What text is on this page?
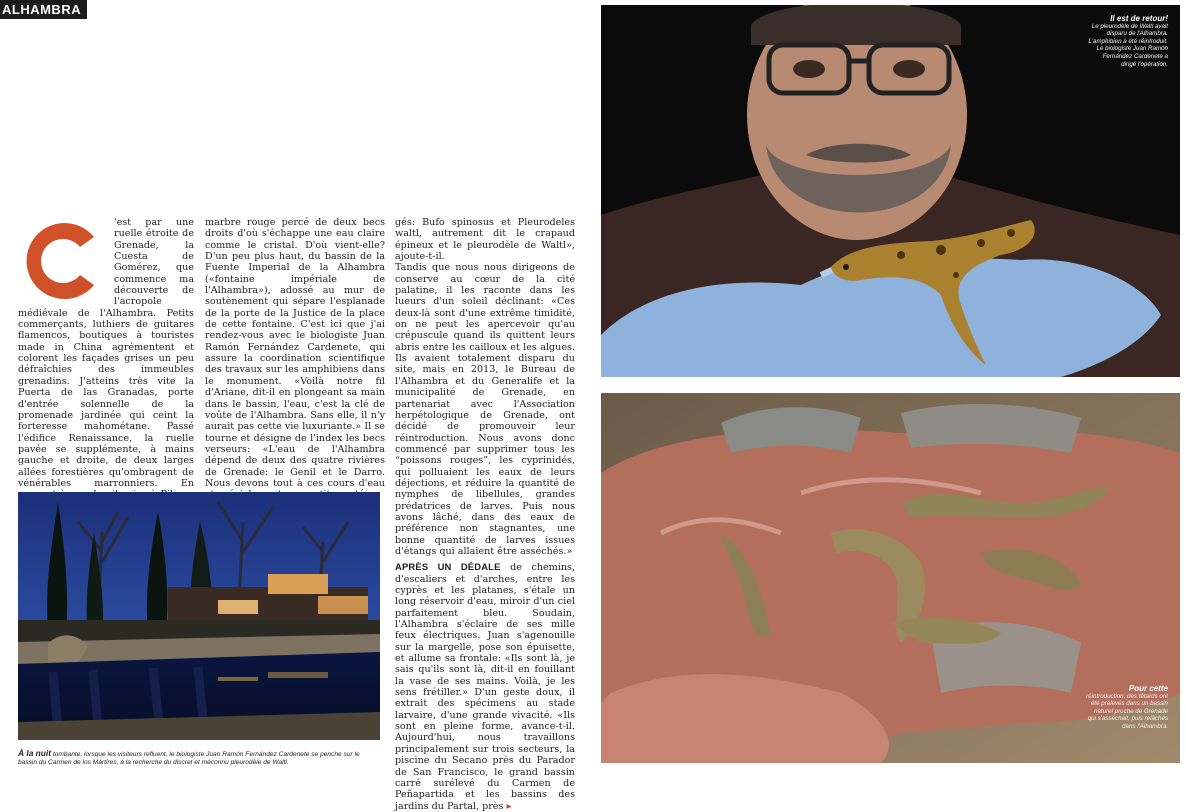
ALHAMBRA

'est par une ruelle étroite de Grenade, la Cuesta de Gomérez, que commence ma découverte de l'acropole médiévale de l'Alhambra. Petits commerçants, luthiers de guitares flamencos, boutiques à touristes made in China agrémentent et colorent les façades grises un peu défraîchies des immeubles grenadins. J'atteins très vite la Puerta de las Granadas, porte d'entrée solennelle de la promenade jardinée qui ceint la forteresse mahométane. Passé l'édifice Renaissance, la ruelle pavée se supplémente, à mains gauche et droite, de deux larges allées forestières qu'ombragent de vénérables marronniers. En

marbre rouge percé de deux becs droits d'où s'échappe une eau claire comme le cristal. D'où vient-elle? D'un peu plus haut, du bassin de la Fuente Imperial de la Alhambra («fontaine impériale de l'Alhambra»), adossé au mur de soutènement qui sépare l'esplanade de la porte de la Justice de la place de cette fontaine. C'est ici que j'ai rendez-vous avec le biologiste Juan Ramón Fernández Cardenete, qui assure la coordination scientifique des travaux sur les amphibiens dans le monument. «Voilà notre fil d'Ariane, dit-il en plongeant sa main dans le bassin, l'eau, c'est la clé de voûte de l'Alhambra. Sans elle, il n'y aurait pas cette vie luxuriante.» Il se tourne et désigne de l'index les becs verseurs: «L'eau de l'Alhambra dépend de deux des quatre rivières de Grenade: le Genil et le Darro. Nous devons tout à ces cours d'eau

gés: Bufo spinosus et Pleurodeles waltl, autrement dit le crapaud épineux et le pleurodèle de Waltl», ajoute-t-il.

Tandis que nous nous dirigeons de conserve au cœur de la cité palatine, il les raconte dans les lueurs d'un soleil déclinant: «Ces deux-là sont d'une extrême timidité, on ne peut les apercevoir qu'au crépuscule quand ils quittent leurs abris entre les cailloux et les algues. Ils avaient totalement disparu du site, mais en 2013, le Bureau de l'Alhambra et du Generalife et la municipalité de Grenade, en partenariat avec l'Association herpétologique de Grenade, ont décidé de promouvoir leur réintroduction. Nous avons donc commencé par supprimer tous les “poissons rouges”, les cyprinidés, qui polluaient les eaux de leurs déjections, et réduire la quantité de nymphes de libellules, grandes prédatrices de larves. Puis nous avons lâché, dans des eaux de préférence non stagnantes, une bonne quantité de larves issues d'étangs qui allaient être asséchés.»

APRÈS UN DÉDALE de chemins, d'escaliers et d'arches, entre les cyprès et les platanes, s'étale un long réservoir d'eau, miroir d'un ciel parfaitement bleu. Soudain, l'Alhambra s'éclaire de ses mille feux électriques. Juan s'agenouille sur la margelle, pose son épuisette, et allume sa frontale: «Ils sont là, je sais qu'ils sont là, dit-il en fouillant la vase de ses mains. Voilà, je les sens frétiller.» D'un geste doux, il extrait des spécimens au stade larvaire, d'une grande vivacité. «Ils sont en pleine forme, avance-t-il. Aujourd'hui, nous travaillons principalement sur trois secteurs, la piscine du Secano près du Parador de San Francisco, le grand bassin carré surélevé du Carmen de Peñapartida et les bassins des jardins du Partal, près ▸

À la nuit tombante, lorsque les visiteurs refluent, le biologiste Juan Ramón Fernández Cardenete se penche sur le bassin du Carmen de los Mártires, à la recherche du discret et méconnu pleurodèle de Waltl.
Il est de retour!
Le pleurodèle de Waltl avait disparu de l'Alhambra. L'amphibien a été réintroduit. Le biologiste Juan Ramón Fernández Cardenete a dirigé l'opération.
Pour cette
réintroduction, des têtards ont été prélevés dans un bassin naturel proche de Grenade qui s'asséchait, puis relâchés dans l'Alhambra.
